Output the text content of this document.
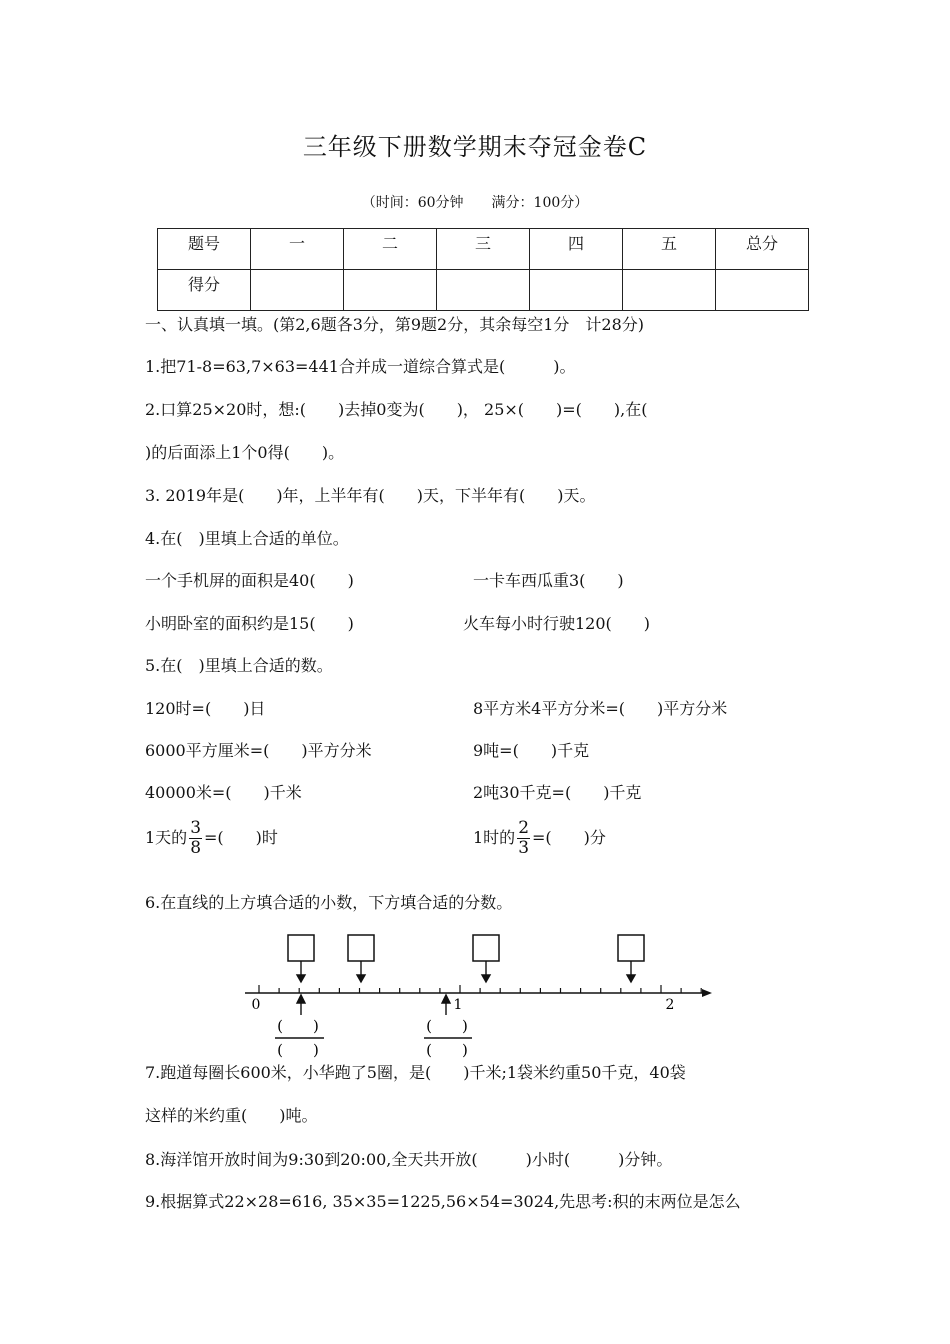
三年级下册数学期末夺冠金卷C
（时间：60分钟　　满分：100分）
题号	一	二	三	四	五	总分
得分						
一、认真填一填。(第2,6题各3分，第9题2分，其余每空1分　计28分)
1.把71-8=63,7×63=441合并成一道综合算式是(　　　)。
2.口算25×20时，想:(　　)去掉0变为(　　)， 25×(　　)=(　　),在(
)的后面添上1个0得(　　)。
3. 2019年是(　　)年，上半年有(　　)天，下半年有(　　)天。
4.在(　)里填上合适的单位。
一个手机屏的面积是40(　　)	一卡车西瓜重3(　　)
小明卧室的面积约是15(　　)	火车每小时行驶120(　　)
5.在(　)里填上合适的数。
120时=(　　)日	8平方米4平方分米=(　　)平方分米
6000平方厘米=(　　)平方分米	9吨=(　　)千克
40000米=(　　)千米	2吨30千克=(　　)千克
1天的 $\frac{3}{8}$ =(　　)时	1时的 $\frac{2}{3}$ =(　　)分
6.在直线的上方填合适的小数，下方填合适的分数。
0	1	2
(　　)
(　　)
(　　)
(　　)
7.跑道每圈长600米，小华跑了5圈，是(　　)千米;1袋米约重50千克，40袋
这样的米约重(　　)吨。
8.海洋馆开放时间为9:30到20:00,全天共开放(　　　)小时(　　　)分钟。
9.根据算式22×28=616, 35×35=1225,56×54=3024,先思考:积的末两位是怎么
